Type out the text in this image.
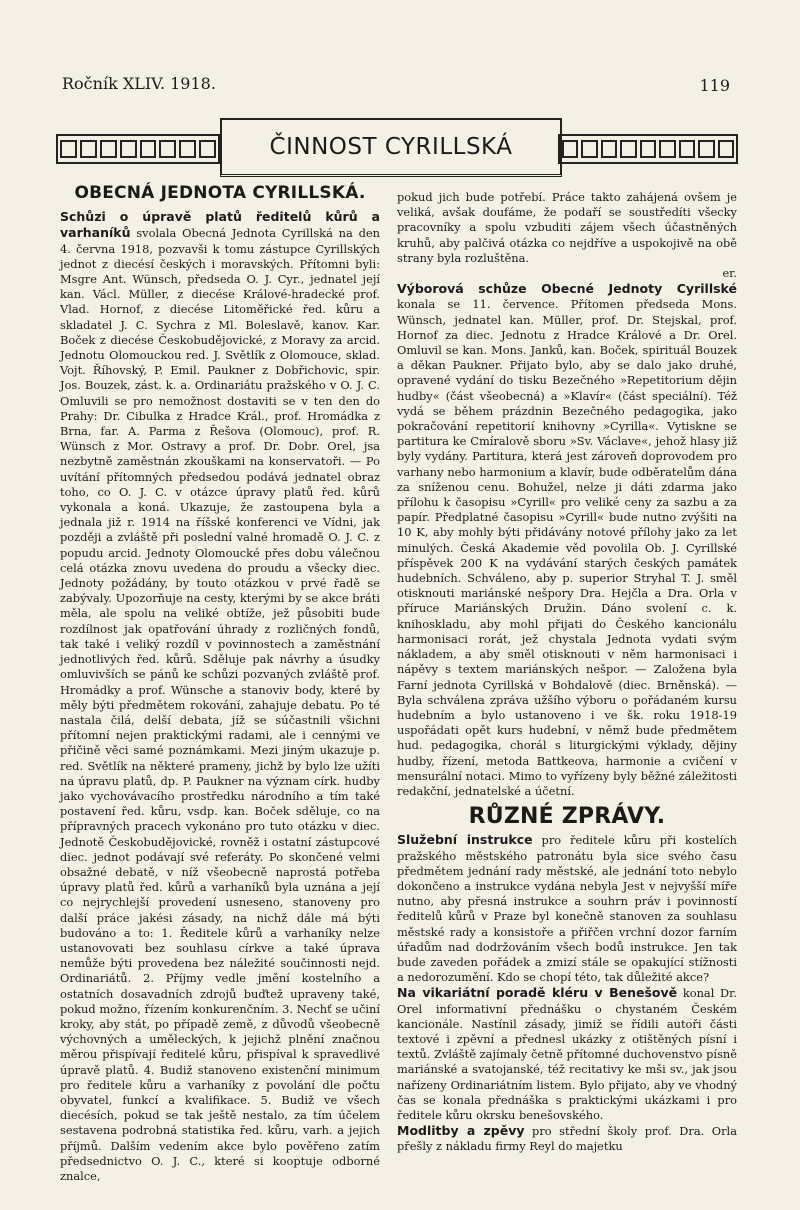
Ročník XLIV. 1918.	119
ČINNOST CYRILLSKÁ
OBECNÁ JEDNOTA CYRILLSKÁ.

Schůzi o úpravě platů ředitelů kůrů a varhaníků svolala Obecná Jednota Cyrillská na den 4. června 1918, pozvavši k tomu zástupce Cyrillských jednot z diecésí českých i moravských. Přítomni byli: Msgre Ant. Wünsch, předseda O. J. Cyr., jednatel její kan. Václ. Müller, z diecése Králové-hradecké prof. Vlad. Hornof, z diecése Litoměřické řed. kůru a skladatel J. C. Sychra z Ml. Boleslavě, kanov. Kar. Boček z diecése Českobudějovické, z Moravy za arcid. Jednotu Olomouckou red. J. Světlík z Olomouce, sklad. Vojt. Říhovský, P. Emil. Paukner z Dobřichovic, spir. Jos. Bouzek, zást. k. a. Ordinariátu pražského v O. J. C. Omluvili se pro nemožnost dostaviti se v ten den do Prahy: Dr. Cibulka z Hradce Král., prof. Hromádka z Brna, far. A. Parma z Řešova (Olomouc), prof. R. Wünsch z Mor. Ostravy a prof. Dr. Dobr. Orel, jsa nezbytně zaměstnán zkouškami na konservatoři. — Po uvítání přítomných předsedou podává jednatel obraz toho, co O. J. C. v otázce úpravy platů řed. kůrů vykonala a koná. Ukazuje, že zastoupena byla a jednala již r. 1914 na říšské konferenci ve Vídni, jak později a zvláště při poslední valné hromadě O. J. C. z popudu arcid. Jednoty Olomoucké přes dobu válečnou celá otázka znovu uvedena do proudu a všecky diec. Jednoty požádány, by touto otázkou v prvé řadě se zabývaly. Upozorňuje na cesty, kterými by se akce bráti měla, ale spolu na veliké obtíže, jež působiti bude rozdílnost jak opatřování úhrady z rozličných fondů, tak také i veliký rozdíl v povinnostech a zaměstnání jednotlivých řed. kůrů. Sděluje pak návrhy a úsudky omluvivších se pánů ke schůzi pozvaných zvláště prof. Hromádky a prof. Wünsche a stanoviv body, které by měly býti předmětem rokování, zahajuje debatu. Po té nastala čilá, delší debata, jíž se súčastnili všichni přítomní nejen praktickými radami, ale i cennými ve přičině věci samé poznámkami. Mezi jiným ukazuje p. red. Světlík na některé prameny, jichž by bylo lze užíti na úpravu platů, dp. P. Paukner na význam círk. hudby jako vychovávacího prostředku národního a tím také postavení řed. kůru, vsdp. kan. Boček sděluje, co na přípravných pracech vykonáno pro tuto otázku v diec. Jednotě Českobudějovické, rovněž i ostatní zástupcové diec. jednot podávají své referáty. Po skončené velmi obsažné debatě, v níž všeobecně naprostá potřeba úpravy platů řed. kůrů a varhaníků byla uznána a její co nejrychlejší provedení usneseno, stanoveny pro další práce jakési zásady, na nichž dále má býti budováno a to: 1. Ředitele kůrů a varhaníky nelze ustanovovati bez souhlasu církve a také úprava nemůže býti provedena bez náležité součinnosti nejd. Ordinariátů. 2. Příjmy vedle jmění kostelního a ostatních dosavadních zdrojů buďtež upraveny také, pokud možno, řízením konkurenčním. 3. Nechť se učiní kroky, aby stát, po případě země, z důvodů všeobecně výchovných a uměleckých, k jejichž plnění značnou měrou přispívají ředitelé kůru, přispíval k spravedlivé úpravě platů. 4. Budiž stanoveno existenční minimum pro ředitele kůru a varhaníky z povolání dle počtu obyvatel, funkcí a kvalifikace. 5. Budiž ve všech diecésích, pokud se tak ještě nestalo, za tím účelem sestavena podrobná statistika řed. kůru, varh. a jejich příjmů. Dalším vedením akce bylo pověřeno zatím předsednictvo O. J. C., které si kooptuje odborné znalce,

pokud jich bude potřebí. Práce takto zahájená ovšem je veliká, avšak doufáme, že podaří se soustředíti všecky pracovníky a spolu vzbuditi zájem všech účastněných kruhů, aby palčivá otázka co nejdříve a uspokojivě na obě strany byla rozluštěna.
er.

Výborová schůze Obecné Jednoty Cyrillské konala se 11. července. Přítomen předseda Mons. Wünsch, jednatel kan. Müller, prof. Dr. Stejskal, prof. Hornof za diec. Jednotu z Hradce Králové a Dr. Orel. Omluvil se kan. Mons. Janků, kan. Boček, spirituál Bouzek a děkan Paukner. Přijato bylo, aby se dalo jako druhé, opravené vydání do tisku Bezečného »Repetitorium dějin hudby« (část všeobecná) a »Klavír« (část speciální). Též vydá se během prázdnin Bezečného pedagogika, jako pokračování repetitorií knihovny »Cyrilla«. Vytiskne se partitura ke Cmíralově sboru »Sv. Václave«, jehož hlasy již byly vydány. Partitura, která jest zároveň doprovodem pro varhany nebo harmonium a klavír, bude odběratelům dána za sníženou cenu. Bohužel, nelze ji dáti zdarma jako přílohu k časopisu »Cyrill« pro veliké ceny za sazbu a za papír. Předplatné časopisu »Cyrill« bude nutno zvýšiti na 10 K, aby mohly býti přidávány notové přílohy jako za let minulých. Česká Akademie věd povolila Ob. J. Cyrillské příspěvek 200 K na vydávání starých českých památek hudebních. Schváleno, aby p. superior Stryhal T. J. směl otisknouti mariánské nešpory Dra. Hejčla a Dra. Orla v příruce Mariánských Družin. Dáno svolení c. k. knihoskladu, aby mohl přijati do Českého kancionálu harmonisaci rorát, jež chystala Jednota vydati svým nákladem, a aby směl otisknouti v něm harmonisaci i nápěvy s textem mariánských nešpor. — Založena byla Farní jednota Cyrillská v Bohdalově (diec. Brněnská). — Byla schválena zpráva užšího výboru o pořádaném kursu hudebním a bylo ustanoveno i ve šk. roku 1918-19 uspořádati opět kurs hudební, v němž bude předmětem hud. pedagogika, chorál s liturgickými výklady, dějiny hudby, řízení, metoda Battkeova, harmonie a cvičení v mensurální notaci. Mimo to vyřízeny byly běžné záležitosti redakční, jednatelské a účetní.

RŮZNÉ ZPRÁVY.

Služební instrukce pro ředitele kůru při kostelích pražského městského patronátu byla sice svého času předmětem jednání rady městské, ale jednání toto nebylo dokončeno a instrukce vydána nebyla Jest v nejvyšší míře nutno, aby přesná instrukce a souhrn práv i povinností ředitelů kůrů v Praze byl konečně stanoven za souhlasu městské rady a konsistoře a přiřčen vrchní dozor farním úřadům nad dodržováním všech bodů instrukce. Jen tak bude zaveden pořádek a zmizí stále se opakující stížnosti a nedorozumění. Kdo se chopí této, tak důležité akce?

Na vikariátní poradě kléru v Benešově konal Dr. Orel informativní přednášku o chystaném Českém kancionále. Nastínil zásady, jimiž se řídili autoři části textové i zpěvní a přednesl ukázky z otištěných písní i textů. Zvláště zajímaly četně přítomné duchovenstvo písně mariánské a svatojanské, též recitativy ke mši sv., jak jsou nařízeny Ordinariátním listem. Bylo přijato, aby ve vhodný čas se konala přednáška s praktickými ukázkami i pro ředitele kůru okrsku benešovského.

Modlitby a zpěvy pro střední školy prof. Dra. Orla přešly z nákladu firmy Reyl do majetku
